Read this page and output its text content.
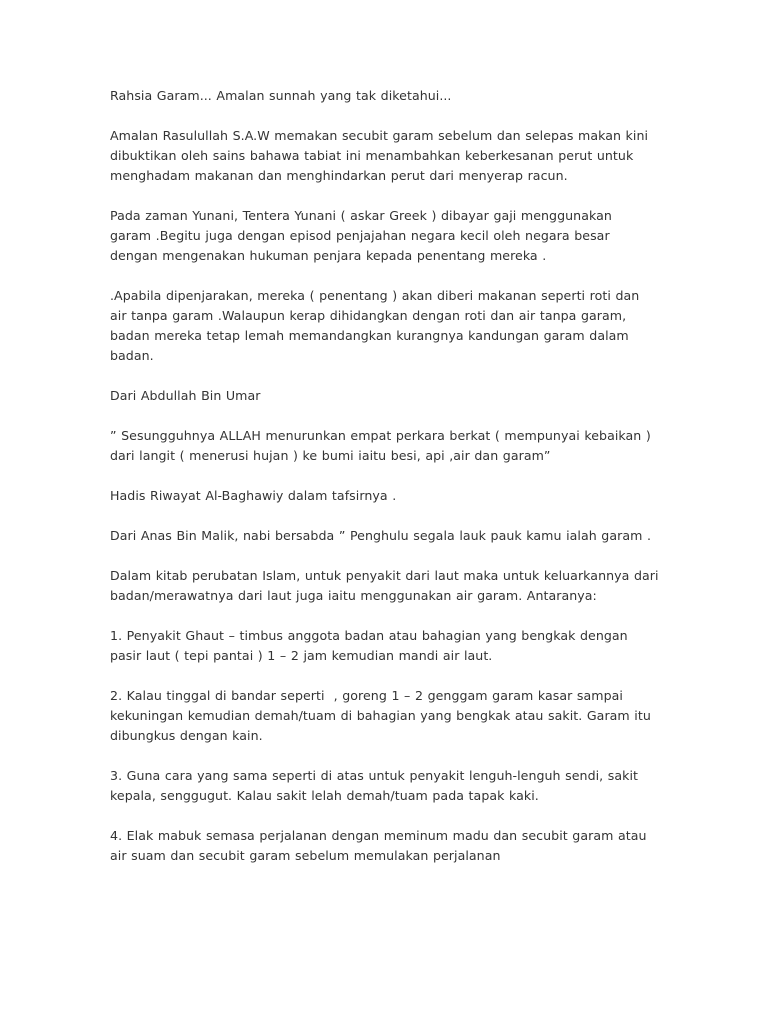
Rahsia Garam... Amalan sunnah yang tak diketahui...
Amalan Rasulullah S.A.W memakan secubit garam sebelum dan selepas makan kini
dibuktikan oleh sains bahawa tabiat ini menambahkan keberkesanan perut untuk
menghadam makanan dan menghindarkan perut dari menyerap racun.
Pada zaman Yunani, Tentera Yunani ( askar Greek ) dibayar gaji menggunakan
garam .Begitu juga dengan episod penjajahan negara kecil oleh negara besar
dengan mengenakan hukuman penjara kepada penentang mereka .
.Apabila dipenjarakan, mereka ( penentang ) akan diberi makanan seperti roti dan
air tanpa garam .Walaupun kerap dihidangkan dengan roti dan air tanpa garam,
badan mereka tetap lemah memandangkan kurangnya kandungan garam dalam
badan.
Dari Abdullah Bin Umar
” Sesungguhnya ALLAH menurunkan empat perkara berkat ( mempunyai kebaikan )
dari langit ( menerusi hujan ) ke bumi iaitu besi, api ,air dan garam”
Hadis Riwayat Al-Baghawiy dalam tafsirnya .
Dari Anas Bin Malik, nabi bersabda ” Penghulu segala lauk pauk kamu ialah garam .
Dalam kitab perubatan Islam, untuk penyakit dari laut maka untuk keluarkannya dari
badan/merawatnya dari laut juga iaitu menggunakan air garam. Antaranya:
1. Penyakit Ghaut – timbus anggota badan atau bahagian yang bengkak dengan
pasir laut ( tepi pantai ) 1 – 2 jam kemudian mandi air laut.
2. Kalau tinggal di bandar seperti  , goreng 1 – 2 genggam garam kasar sampai
kekuningan kemudian demah/tuam di bahagian yang bengkak atau sakit. Garam itu
dibungkus dengan kain.
3. Guna cara yang sama seperti di atas untuk penyakit lenguh-lenguh sendi, sakit
kepala, senggugut. Kalau sakit lelah demah/tuam pada tapak kaki.
4. Elak mabuk semasa perjalanan dengan meminum madu dan secubit garam atau
air suam dan secubit garam sebelum memulakan perjalanan
